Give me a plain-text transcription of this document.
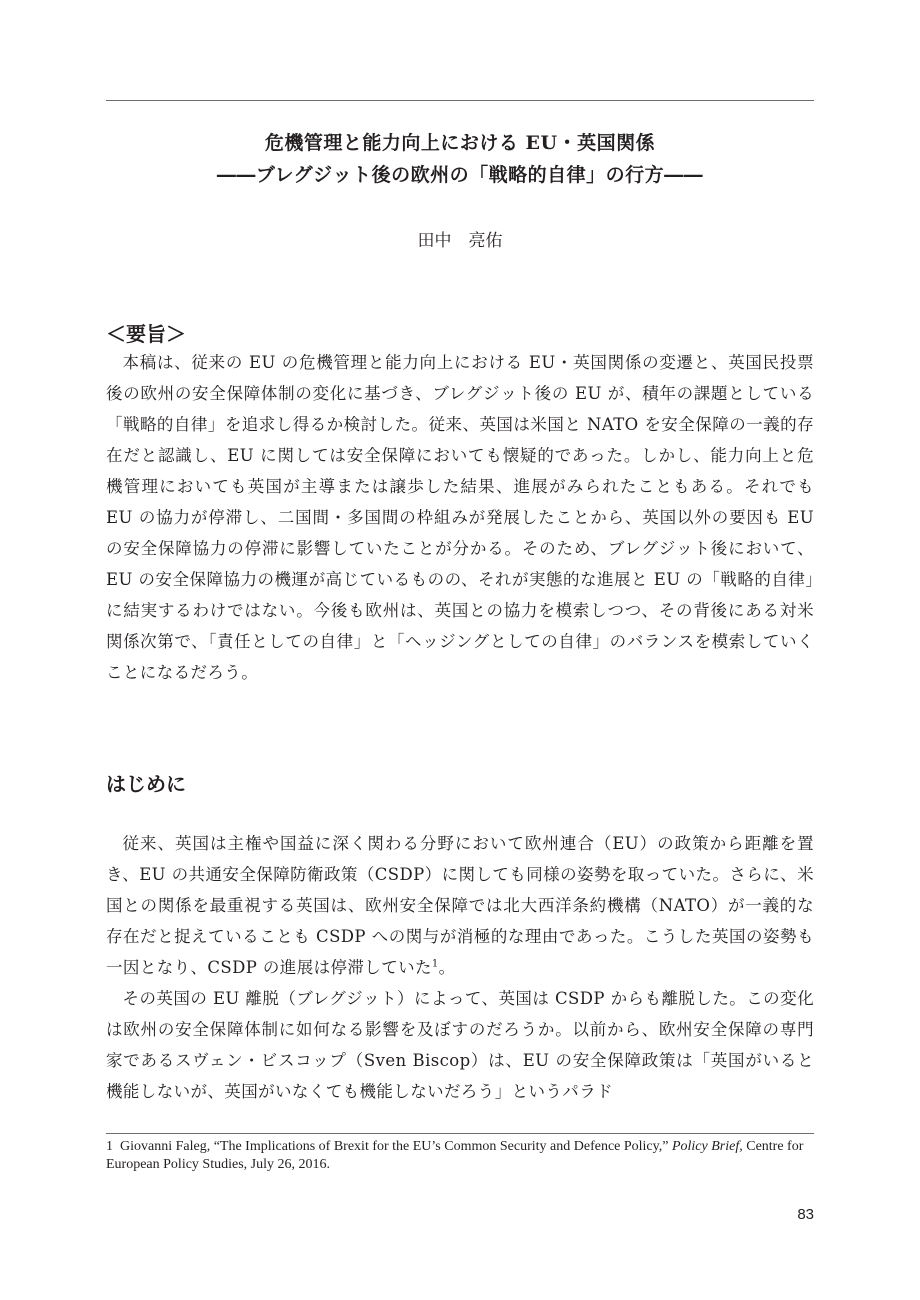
危機管理と能力向上における EU・英国関係
――ブレグジット後の欧州の「戦略的自律」の行方――
田中　亮佑
＜要旨＞

本稿は、従来の EU の危機管理と能力向上における EU・英国関係の変遷と、英国民投票後の欧州の安全保障体制の変化に基づき、ブレグジット後の EU が、積年の課題としている「戦略的自律」を追求し得るか検討した。従来、英国は米国と NATO を安全保障の一義的存在だと認識し、EU に関しては安全保障においても懐疑的であった。しかし、能力向上と危機管理においても英国が主導または譲歩した結果、進展がみられたこともある。それでも EU の協力が停滞し、二国間・多国間の枠組みが発展したことから、英国以外の要因も EU の安全保障協力の停滞に影響していたことが分かる。そのため、ブレグジット後において、EU の安全保障協力の機運が高じているものの、それが実態的な進展と EU の「戦略的自律」に結実するわけではない。今後も欧州は、英国との協力を模索しつつ、その背後にある対米関係次第で、「責任としての自律」と「ヘッジングとしての自律」のバランスを模索していくことになるだろう。

はじめに

従来、英国は主権や国益に深く関わる分野において欧州連合（EU）の政策から距離を置き、EU の共通安全保障防衛政策（CSDP）に関しても同様の姿勢を取っていた。さらに、米国との関係を最重視する英国は、欧州安全保障では北大西洋条約機構（NATO）が一義的な存在だと捉えていることも CSDP への関与が消極的な理由であった。こうした英国の姿勢も一因となり、CSDP の進展は停滞していた$^1$。

その英国の EU 離脱（ブレグジット）によって、英国は CSDP からも離脱した。この変化は欧州の安全保障体制に如何なる影響を及ぼすのだろうか。以前から、欧州安全保障の専門家であるスヴェン・ビスコップ（Sven Biscop）は、EU の安全保障政策は「英国がいると機能しないが、英国がいなくても機能しないだろう」というパラド

1 Giovanni Faleg, “The Implications of Brexit for the EU’s Common Security and Defence Policy,” Policy Brief, Centre for European Policy Studies, July 26, 2016.
83
